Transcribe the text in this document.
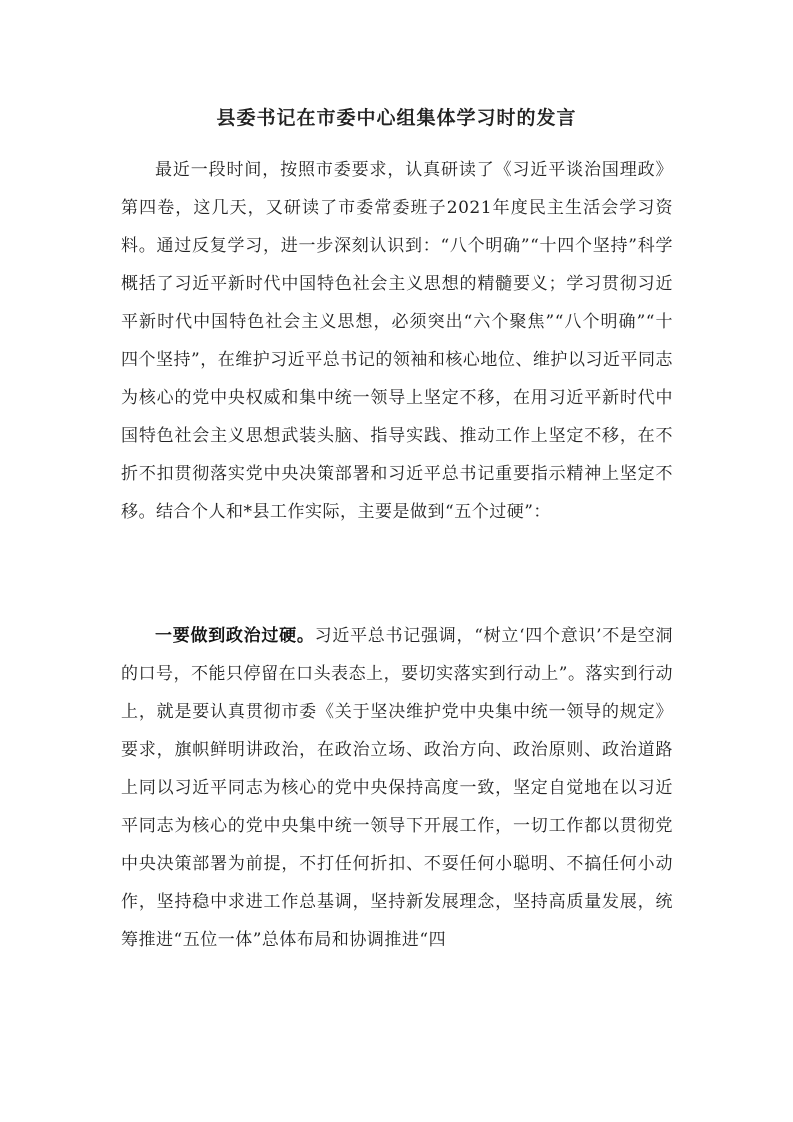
县委书记在市委中心组集体学习时的发言

最近一段时间，按照市委要求，认真研读了《习近平谈治国理政》第四卷，这几天，又研读了市委常委班子2021年度民主生活会学习资料。通过反复学习，进一步深刻认识到：“八个明确”“十四个坚持”科学概括了习近平新时代中国特色社会主义思想的精髓要义；学习贯彻习近平新时代中国特色社会主义思想，必须突出“六个聚焦”“八个明确”“十四个坚持”，在维护习近平总书记的领袖和核心地位、维护以习近平同志为核心的党中央权威和集中统一领导上坚定不移，在用习近平新时代中国特色社会主义思想武装头脑、指导实践、推动工作上坚定不移，在不折不扣贯彻落实党中央决策部署和习近平总书记重要指示精神上坚定不移。结合个人和*县工作实际，主要是做到“五个过硬”：

一要做到政治过硬。习近平总书记强调，“树立‘四个意识’不是空洞的口号，不能只停留在口头表态上，要切实落实到行动上”。落实到行动上，就是要认真贯彻市委《关于坚决维护党中央集中统一领导的规定》要求，旗帜鲜明讲政治，在政治立场、政治方向、政治原则、政治道路上同以习近平同志为核心的党中央保持高度一致，坚定自觉地在以习近平同志为核心的党中央集中统一领导下开展工作，一切工作都以贯彻党中央决策部署为前提，不打任何折扣、不耍任何小聪明、不搞任何小动作，坚持稳中求进工作总基调，坚持新发展理念，坚持高质量发展，统筹推进“五位一体”总体布局和协调推进“四
